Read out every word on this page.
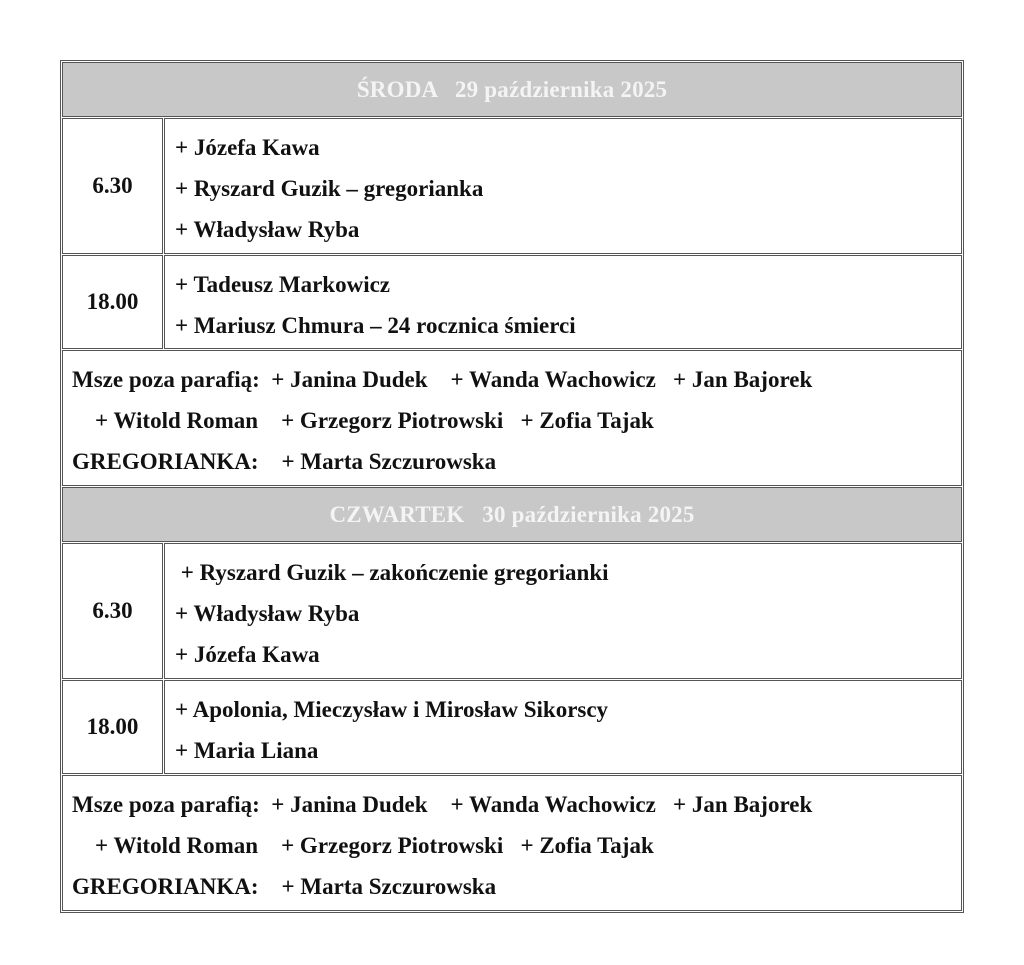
ŚRODA   29 października 2025
6.30
+ Józefa Kawa
+ Ryszard Guzik – gregorianka
+ Władysław Ryba
18.00
+ Tadeusz Markowicz
+ Mariusz Chmura – 24 rocznica śmierci
Msze poza parafią:  + Janina Dudek    + Wanda Wachowicz   + Jan Bajorek
+ Witold Roman    + Grzegorz Piotrowski   + Zofia Tajak
GREGORIANKA:    + Marta Szczurowska
CZWARTEK   30 października 2025
6.30
+ Ryszard Guzik – zakończenie gregorianki
+ Władysław Ryba
+ Józefa Kawa
18.00
+ Apolonia, Mieczysław i Mirosław Sikorscy
+ Maria Liana
Msze poza parafią:  + Janina Dudek    + Wanda Wachowicz   + Jan Bajorek
+ Witold Roman    + Grzegorz Piotrowski   + Zofia Tajak
GREGORIANKA:    + Marta Szczurowska
